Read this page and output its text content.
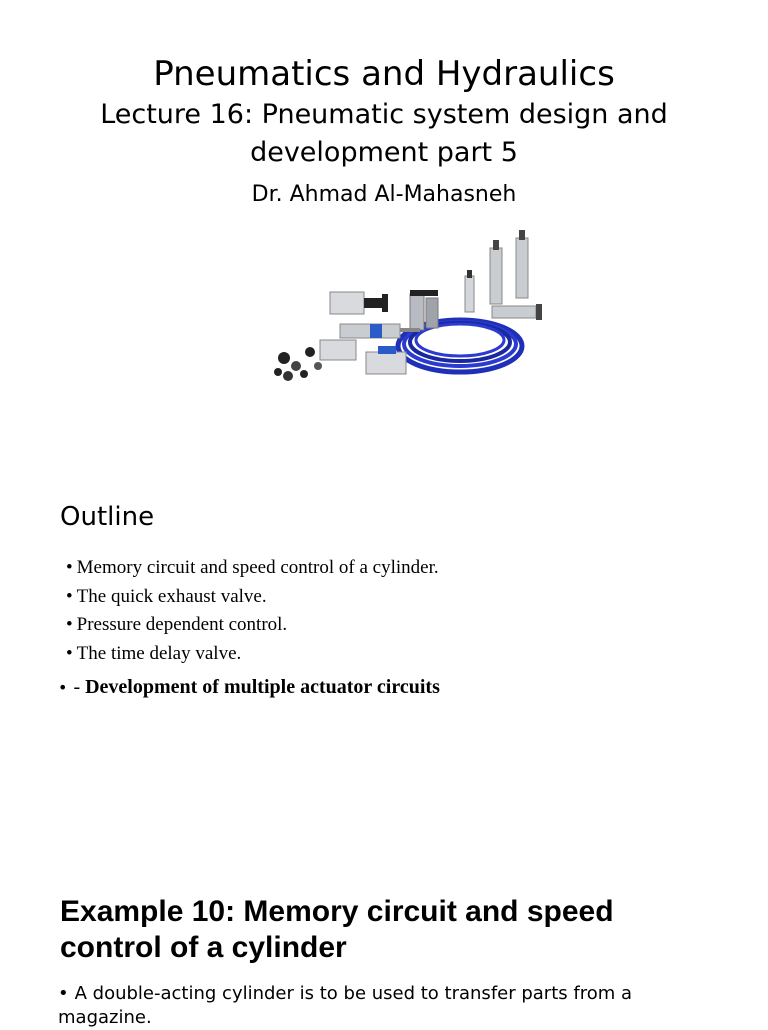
Pneumatics and Hydraulics
Lecture 16: Pneumatic system design and development part 5
Dr. Ahmad Al-Mahasneh
Outline
• Memory circuit and speed control of a cylinder.
• The quick exhaust valve.
• Pressure dependent control.
• The time delay valve.
• - Development of multiple actuator circuits
Example 10: Memory circuit and speed control of a cylinder
• A double-acting cylinder is to be used to transfer parts from a magazine.
